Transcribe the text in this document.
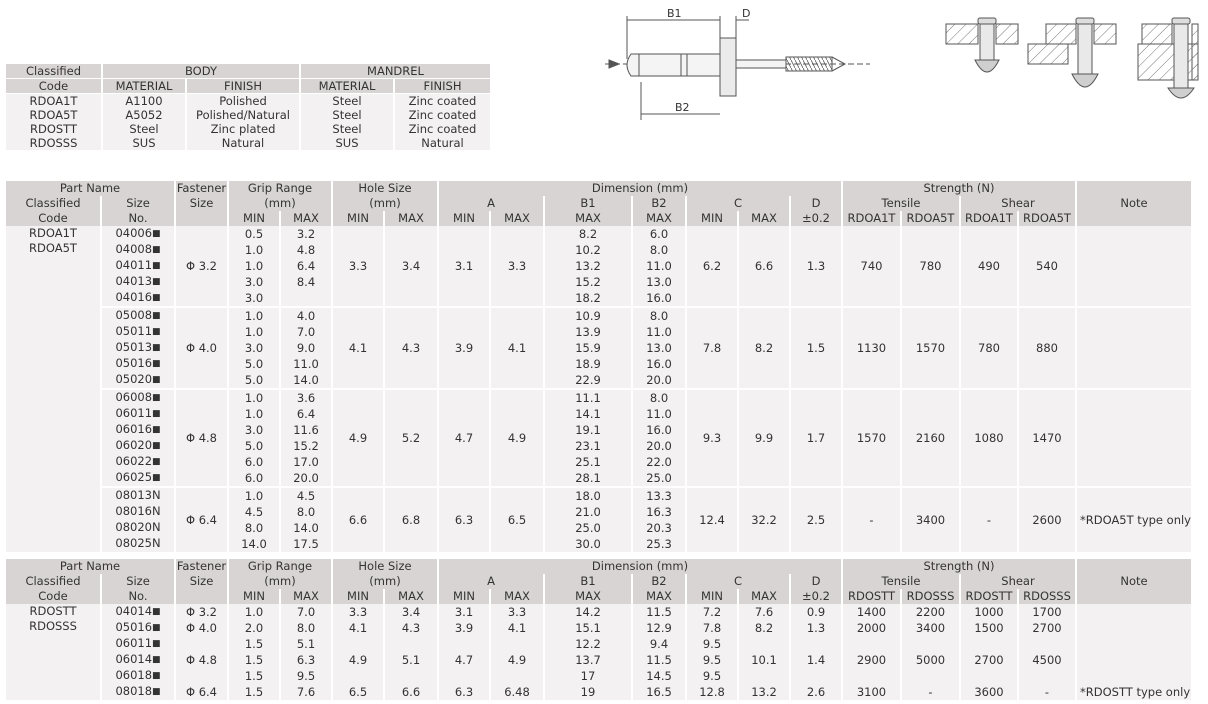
B1	D
B2
Classified	BODY		MANDREL	
Code	MATERIAL	FINISH	MATERIAL	FINISH
RDOA1T	A1100	Polished	Steel	Zinc coated
RDOA5T	A5052	Polished/Natural	Steel	Zinc coated
RDOSTT	Steel	Zinc plated	Steel	Zinc coated
RDOSSS	SUS	Natural	SUS	Natural
Part Name		Fastener	Grip Range		Hole Size		Dimension (mm)							Strength (N)				Note
Classified	Size	Size	(mm)		(mm)		A		B1	B2	C		D	Tensile		Shear		
Code	No.		MIN	MAX	MIN	MAX	MIN	MAX	MAX	MAX	MIN	MAX	±0.2	RDOA1T	RDOA5T	RDOA1T	RDOA5T	

RDOA1T
RDOA5T	04006■	Φ 3.2	0.5	3.2	3.3	3.4	3.1	3.3	8.2	6.0	6.2	6.6	1.3	740	780	490	540	
	04008■		1.0	4.8					10.2	8.0								
	04011■		1.0	6.4					13.2	11.0								
	04013■		3.0	8.4					15.2	13.0								
	04016■		3.0						18.2	16.0								
	05008■	Φ 4.0	1.0	4.0	4.1	4.3	3.9	4.1	10.9	8.0	7.8	8.2	1.5	1130	1570	780	880	
	05011■		1.0	7.0					13.9	11.0								
	05013■		3.0	9.0					15.9	13.0								
	05016■		5.0	11.0					18.9	16.0								
	05020■		5.0	14.0					22.9	20.0								
	06008■	Φ 4.8	1.0	3.6	4.9	5.2	4.7	4.9	11.1	8.0	9.3	9.9	1.7	1570	2160	1080	1470	
	06011■		1.0	6.4					14.1	11.0								
	06016■		3.0	11.6					19.1	16.0								
	06020■		5.0	15.2					23.1	20.0								
	06022■		6.0	17.0					25.1	22.0								
	06025■		6.0	20.0					28.1	25.0								
	08013N	Φ 6.4	1.0	4.5	6.6	6.8	6.3	6.5	18.0	13.3	12.4	32.2	2.5	-	3400	-	2600	*RDOA5T type only
	08016N		4.5	8.0					21.0	16.3								
	08020N		8.0	14.0					25.0	20.3								
	08025N		14.0	17.5					30.0	25.3								
Part Name		Fastener	Grip Range		Hole Size		Dimension (mm)							Strength (N)				Note
Classified	Size	Size	(mm)		(mm)		A		B1	B2	C		D	Tensile		Shear		
Code	No.		MIN	MAX	MIN	MAX	MIN	MAX	MAX	MAX	MIN	MAX	±0.2	RDOSTT	RDOSSS	RDOSTT	RDOSSS	

RDOSTT
RDOSSS	04014■	Φ 3.2	1.0	7.0	3.3	3.4	3.1	3.3	14.2	11.5	7.2	7.6	0.9	1400	2200	1000	1700	
	05016■	Φ 4.0	2.0	8.0	4.1	4.3	3.9	4.1	15.1	12.9	7.8	8.2	1.3	2000	3400	1500	2700	
	06011■	Φ 4.8	1.5	5.1	4.9	5.1	4.7	4.9	12.2	9.4	9.5	10.1	1.4	2900	5000	2700	4500	
	06014■		1.5	6.3					13.7	11.5	9.5							
	06018■		1.5	9.5					17	14.5	9.5							
	08018■	Φ 6.4	1.5	7.6	6.5	6.6	6.3	6.48	19	16.5	12.8	13.2	2.6	3100	-	3600	-	*RDOSTT type only
